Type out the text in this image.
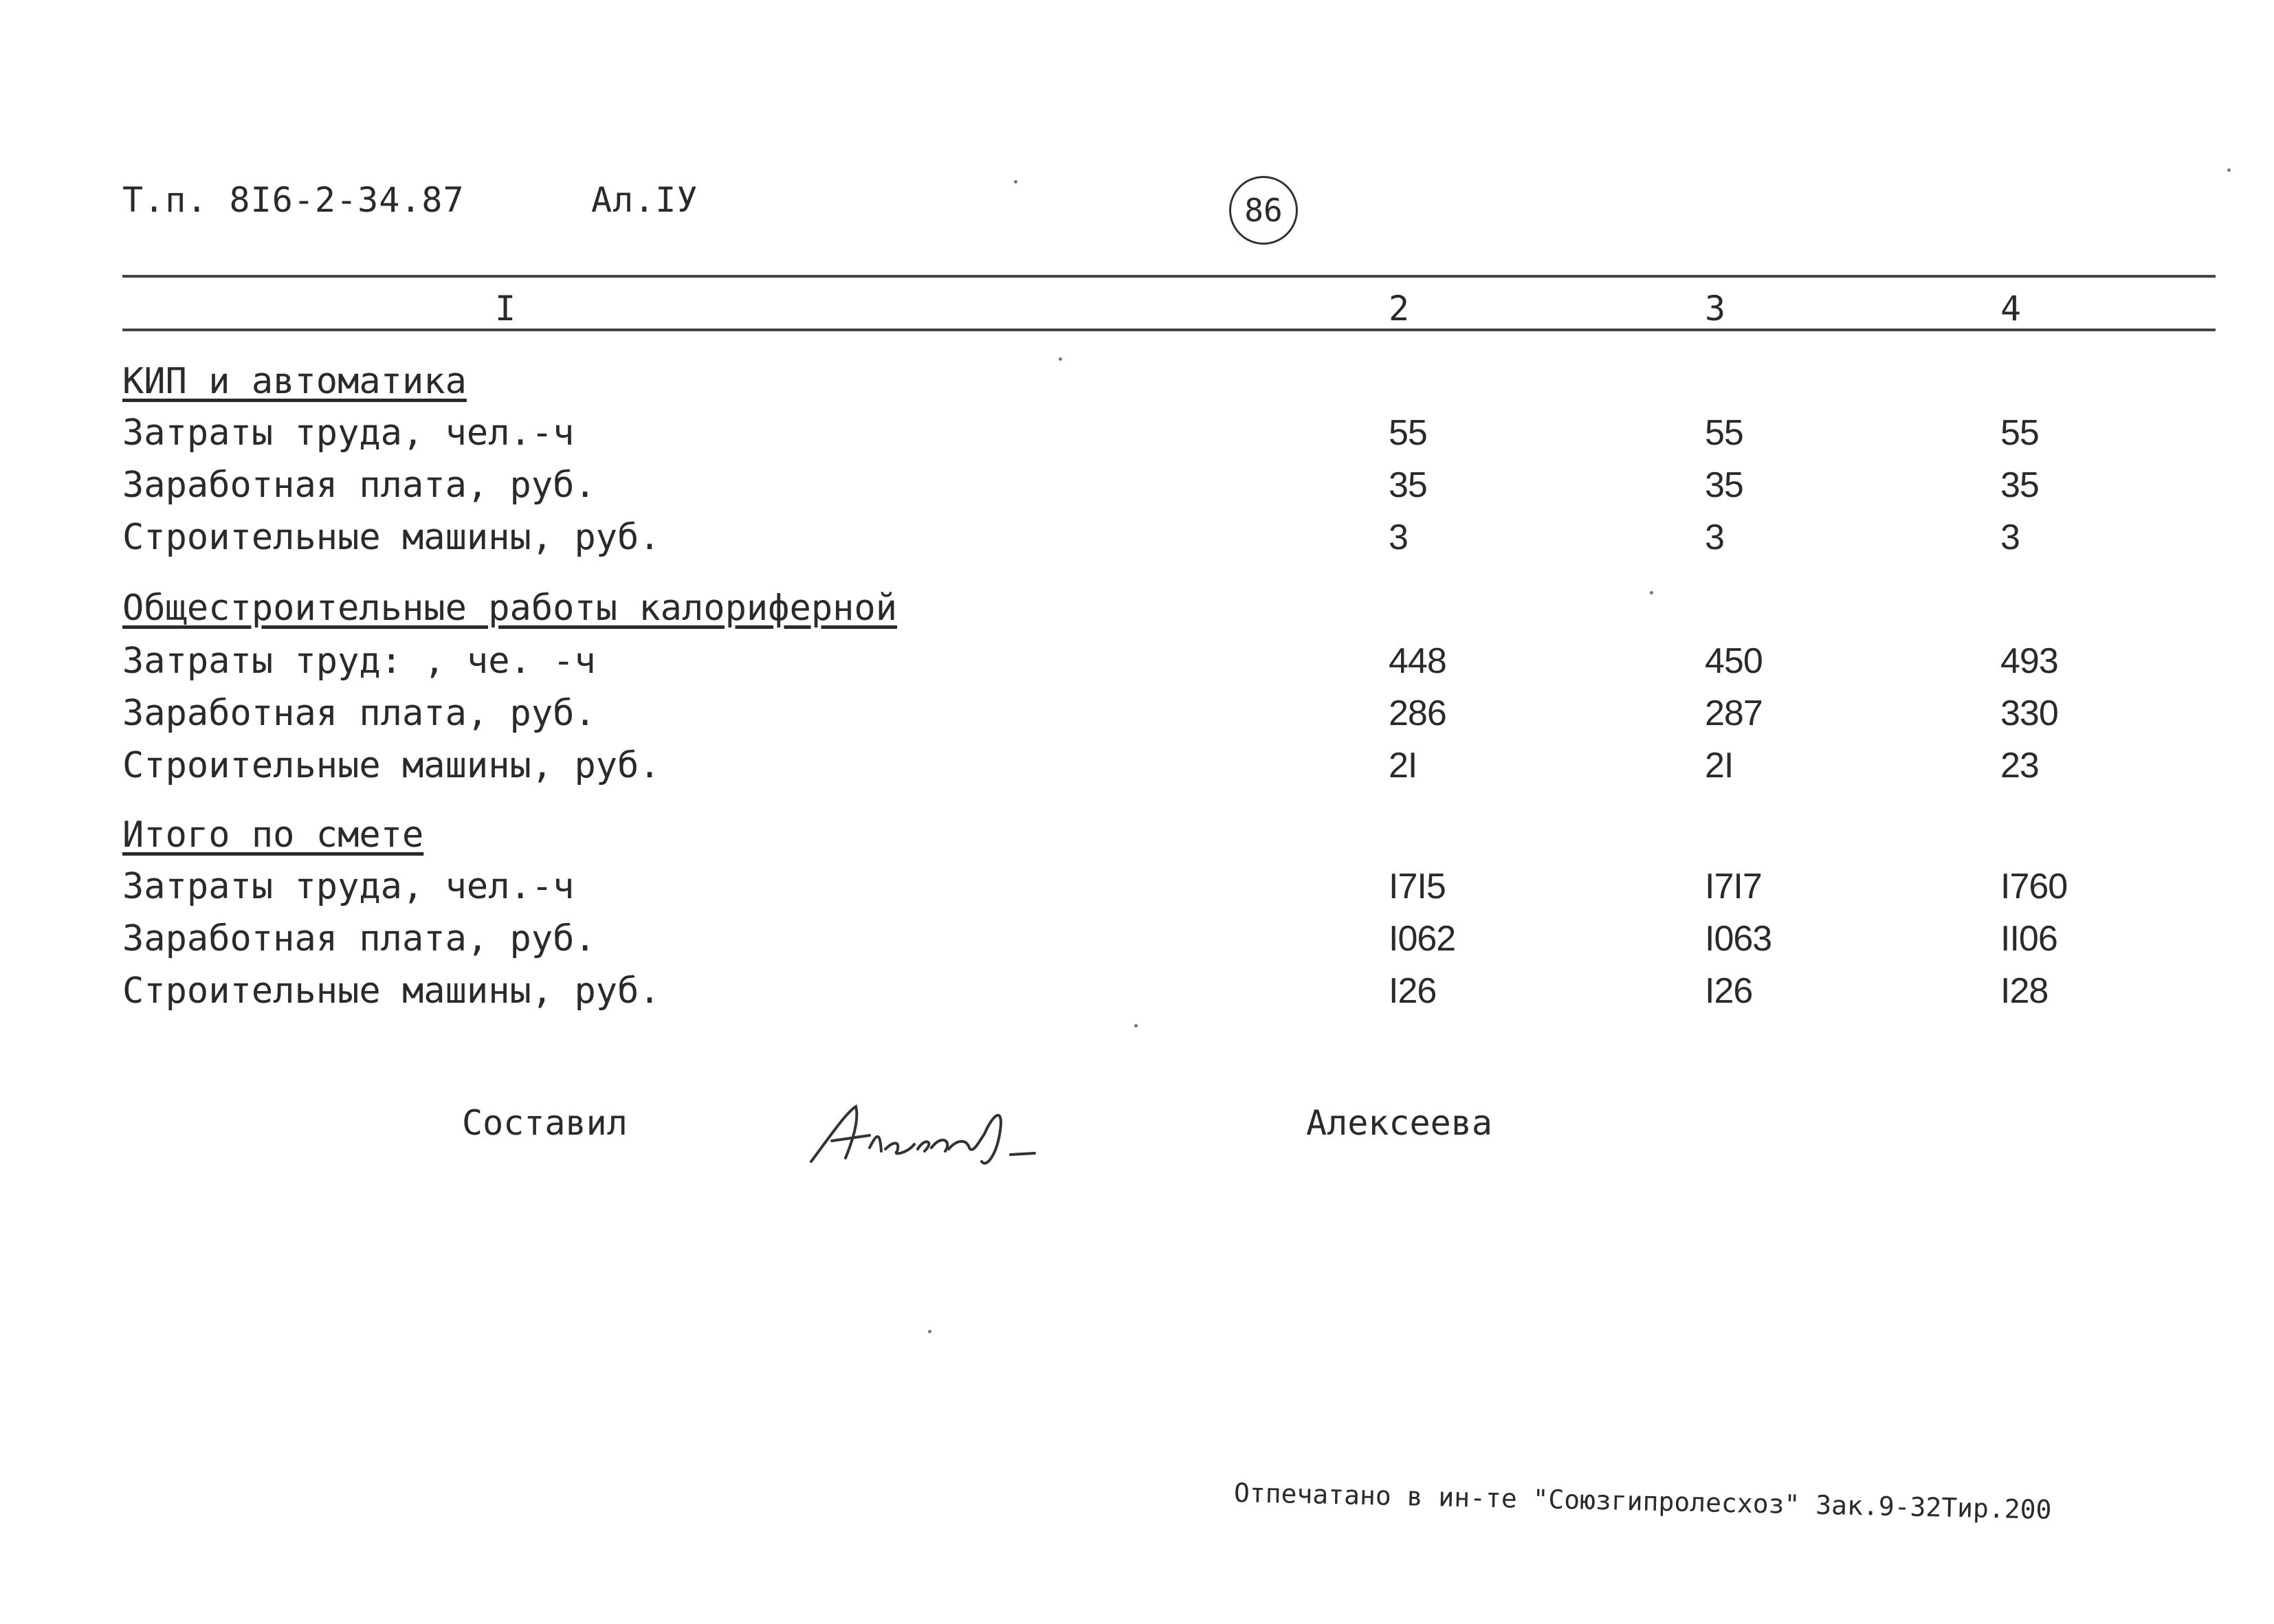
Т.п. 8I6-2-34.87	Ал.IУ	86
I	2	3	4
КИП и автоматика
Затраты труда, чел.-ч	55	55	55
Заработная плата, руб.	35	35	35
Строительные машины, руб.	3	3	3
Общестроительные работы калориферной
Затраты труд: , че. -ч	448	450	493
Заработная плата, руб.	286	287	330
Строительные машины, руб.	2I	2I	23
Итого по смете
Затраты труда, чел.-ч	I7I5	I7I7	I760
Заработная плата, руб.	I062	I063	II06
Строительные машины, руб.	I26	I26	I28
Составил	Алексеева
Отпечатано в ин-те "Союзгипролесхоз" Зак.9-32Тир.200
